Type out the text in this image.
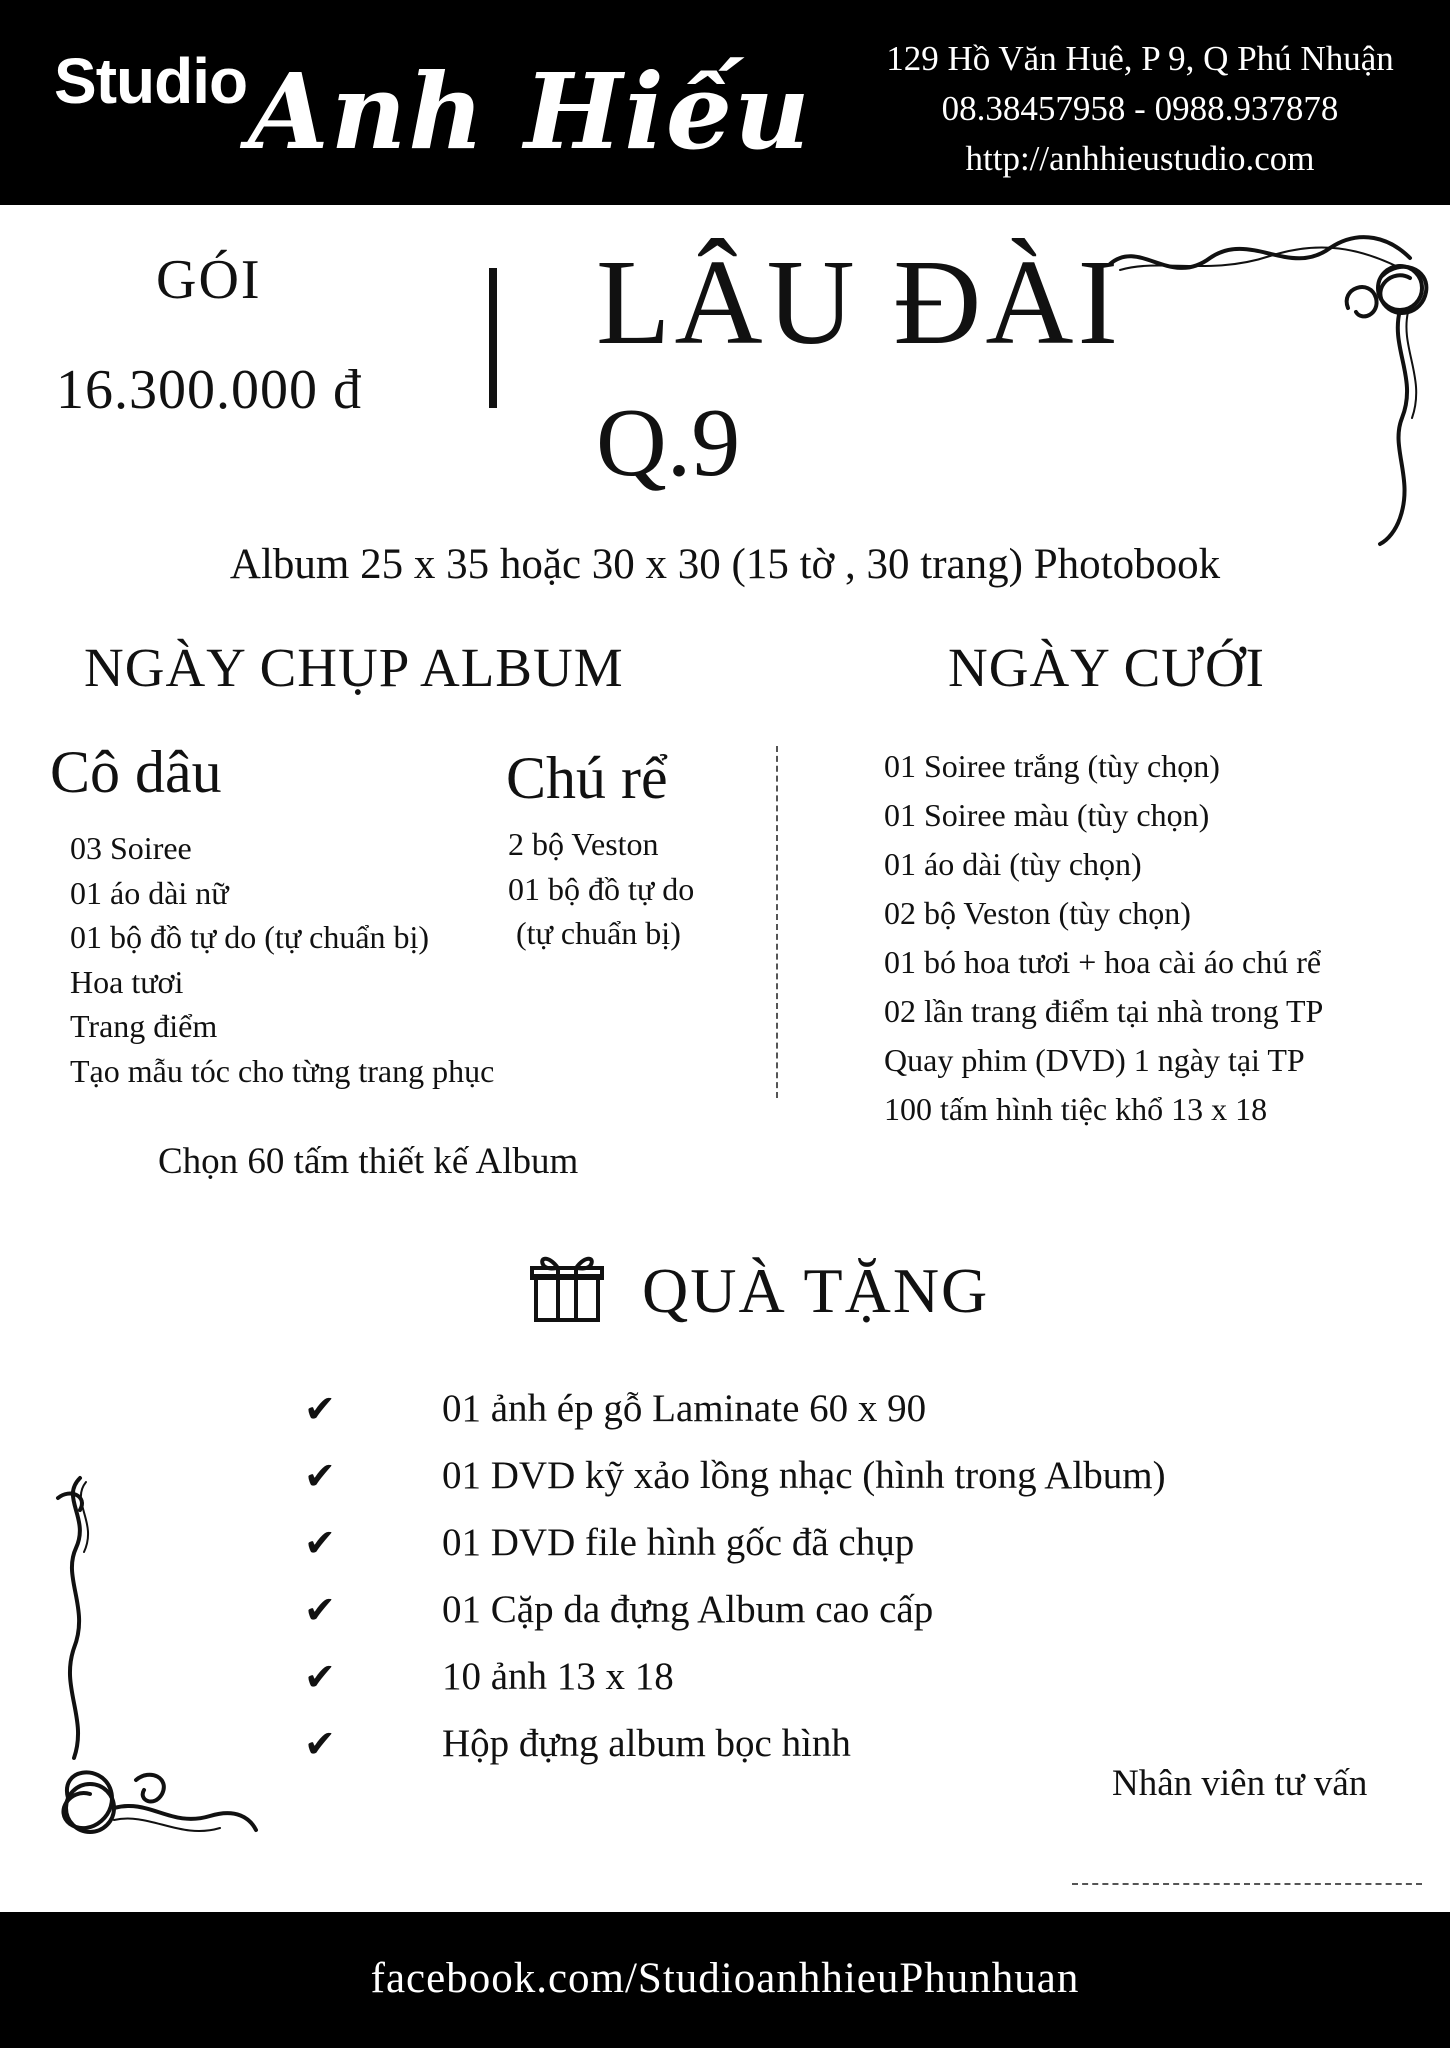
Studio Anh Hiếu	129 Hồ Văn Huê, P 9, Q Phú Nhuận
08.38457958 - 0988.937878
http://anhhieustudio.com
GÓI
16.300.000 đ
LÂU ĐÀI
Q.9
Album 25 x 35 hoặc 30 x 30 (15 tờ , 30 trang) Photobook
NGÀY CHỤP ALBUM	NGÀY CƯỚI
Cô dâu	Chú rể
03 Soiree
01 áo dài nữ
01 bộ đồ tự do (tự chuẩn bị)
Hoa tươi
Trang điểm
Tạo mẫu tóc cho từng trang phục
2 bộ Veston
01 bộ đồ tự do
(tự chuẩn bị)
01 Soiree trắng (tùy chọn)
01 Soiree màu (tùy chọn)
01 áo dài (tùy chọn)
02 bộ Veston (tùy chọn)
01 bó hoa tươi + hoa cài áo chú rể
02 lần trang điểm tại nhà trong TP
Quay phim (DVD) 1 ngày tại TP
100 tấm hình tiệc khổ 13 x 18
Chọn 60 tấm thiết kế Album
QUÀ TẶNG
✔	01 ảnh ép gỗ Laminate 60 x 90
✔	01 DVD kỹ xảo lồng nhạc (hình trong Album)
✔	01 DVD file hình gốc đã chụp
✔	01 Cặp da đựng Album cao cấp
✔	10 ảnh 13 x 18
✔	Hộp đựng album bọc hình
Nhân viên tư vấn
facebook.com/StudioanhhieuPhunhuan
